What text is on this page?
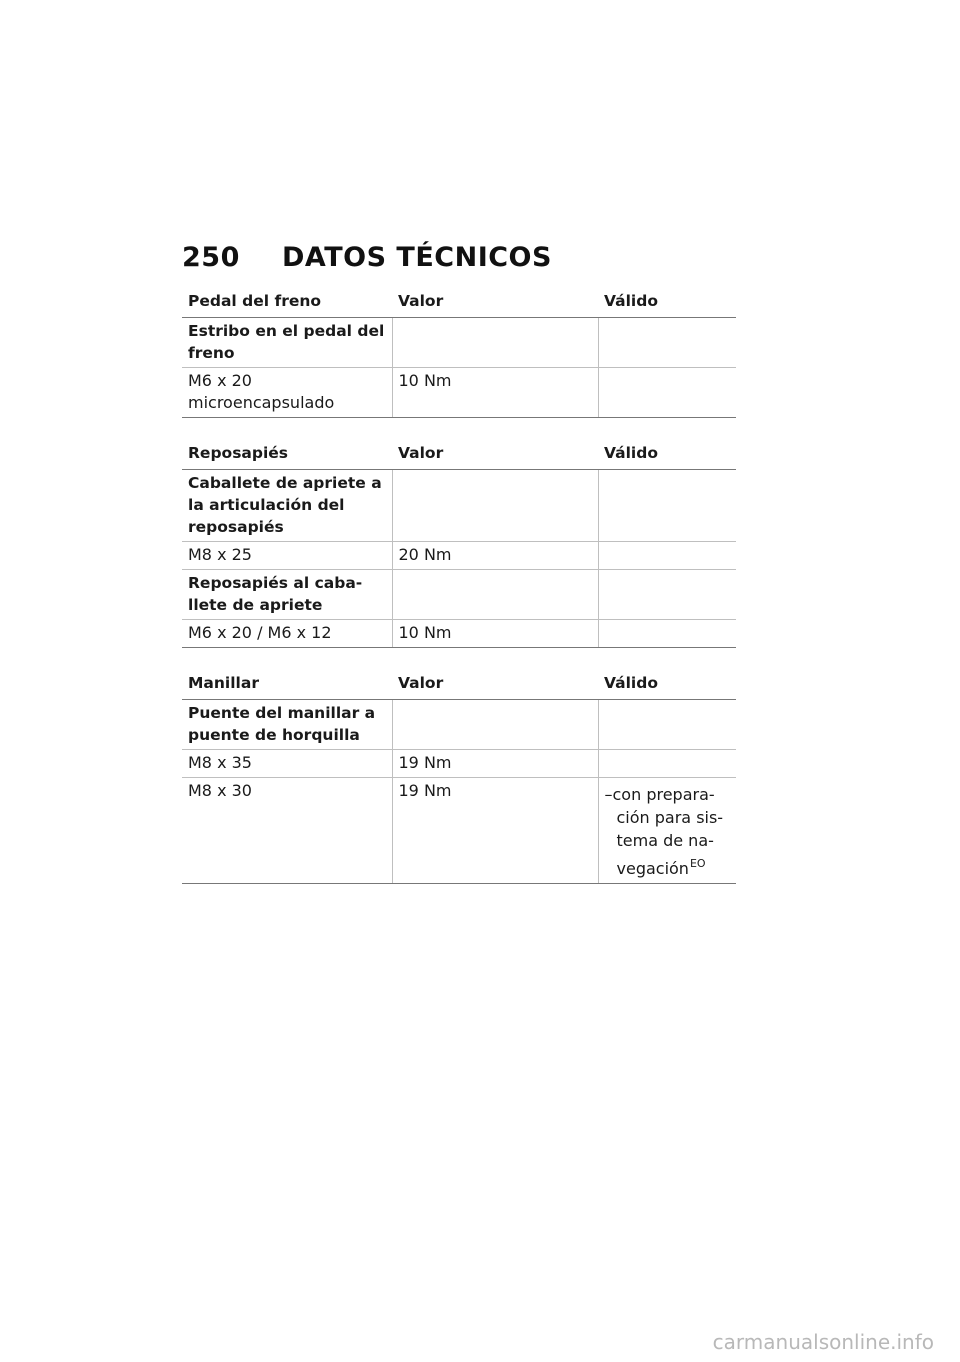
250 DATOS TÉCNICOS
Pedal del freno	Valor	Válido
Estribo en el pedal del freno		
M6 x 20 microencapsulado	10 Nm	
Reposapiés	Valor	Válido
Caballete de apriete a la articulación del reposapiés		
M8 x 25	20 Nm	
Reposapiés al caba-llete de apriete		
M6 x 20 / M6 x 12	10 Nm	
Manillar	Valor	Válido
Puente del manillar a puente de horquilla		
M8 x 35	19 Nm	
M8 x 30	19 Nm	–con prepara-ción para sis-tema de na-vegación$^{EO}$
carmanualsonline.info
